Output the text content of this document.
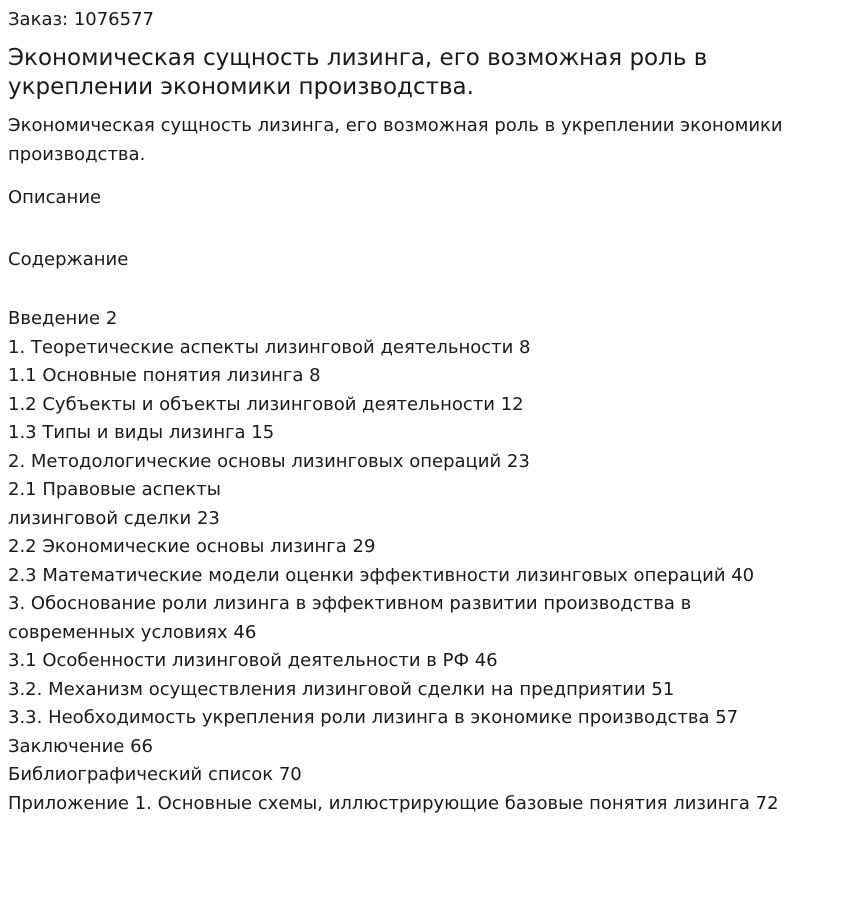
Заказ: 1076577

Экономическая сущность лизинга, его возможная роль в укреплении экономики производства.

Экономическая сущность лизинга, его возможная роль в укреплении экономики производства.

Описание

Содержание

Введение 2
1. Теоретические аспекты лизинговой деятельности 8
1.1 Основные понятия лизинга 8
1.2 Субъекты и объекты лизинговой деятельности 12
1.3 Типы и виды лизинга 15
2. Методологические основы лизинговых операций 23
2.1 Правовые аспекты
лизинговой сделки 23
2.2 Экономические основы лизинга 29
2.3 Математические модели оценки эффективности лизинговых операций 40
3. Обоснование роли лизинга в эффективном развитии производства в
современных условиях 46
3.1 Особенности лизинговой деятельности в РФ 46
3.2. Механизм осуществления лизинговой сделки на предприятии 51
3.3. Необходимость укрепления роли лизинга в экономике производства 57
Заключение 66
Библиографический список 70
Приложение 1. Основные схемы, иллюстрирующие базовые понятия лизинга 72
